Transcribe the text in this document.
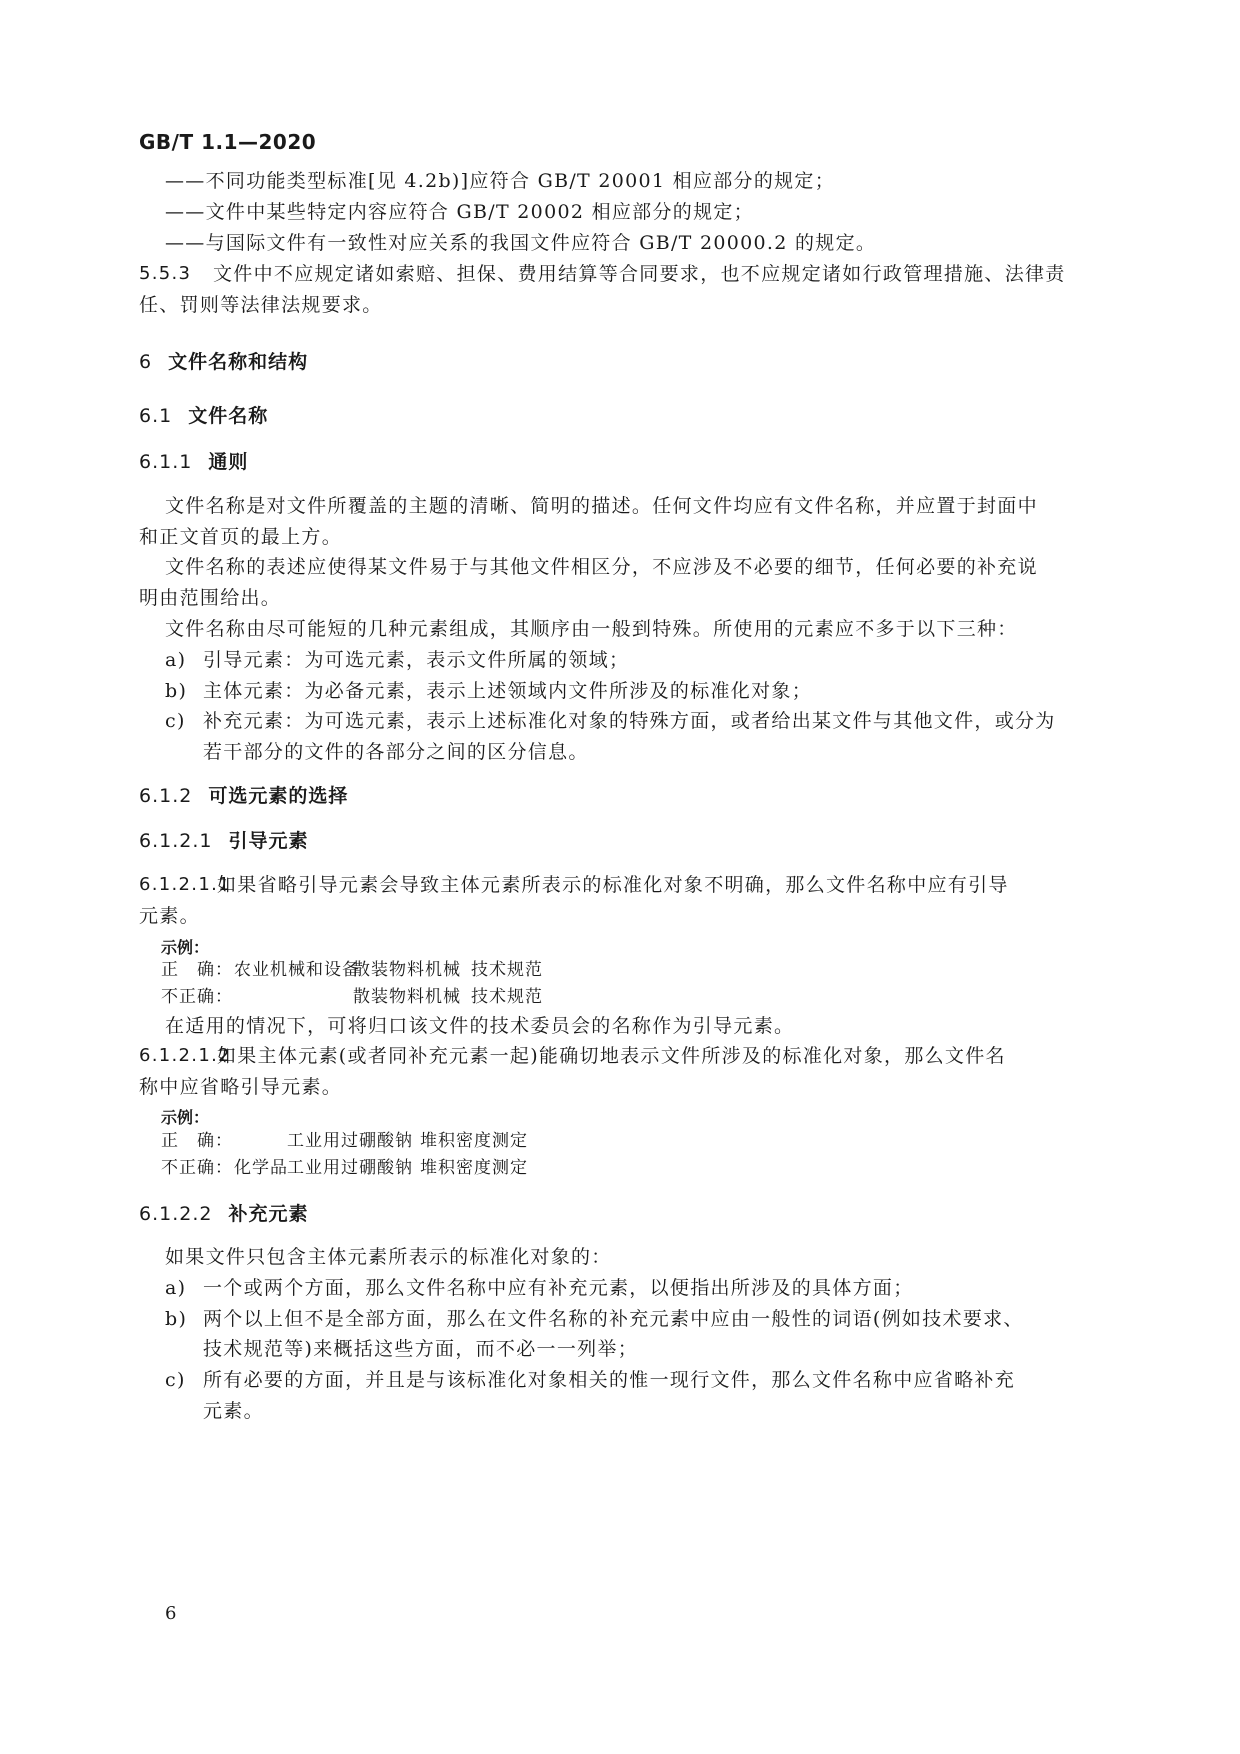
GB/T 1.1—2020
——不同功能类型标准[见 4.2b)]应符合 GB/T 20001 相应部分的规定；
——文件中某些特定内容应符合 GB/T 20002 相应部分的规定；
——与国际文件有一致性对应关系的我国文件应符合 GB/T 20000.2 的规定。
5.5.3 文件中不应规定诸如索赔、担保、费用结算等合同要求，也不应规定诸如行政管理措施、法律责
任、罚则等法律法规要求。
6 文件名称和结构
6.1 文件名称
6.1.1 通则
文件名称是对文件所覆盖的主题的清晰、简明的描述。任何文件均应有文件名称，并应置于封面中
和正文首页的最上方。
文件名称的表述应使得某文件易于与其他文件相区分，不应涉及不必要的细节，任何必要的补充说
明由范围给出。
文件名称由尽可能短的几种元素组成，其顺序由一般到特殊。所使用的元素应不多于以下三种：
a) 引导元素：为可选元素，表示文件所属的领域；
b) 主体元素：为必备元素，表示上述领域内文件所涉及的标准化对象；
c) 补充元素：为可选元素，表示上述标准化对象的特殊方面，或者给出某文件与其他文件，或分为
若干部分的文件的各部分之间的区分信息。
6.1.2 可选元素的选择
6.1.2.1 引导元素
6.1.2.1.1
如果省略引导元素会导致主体元素所表示的标准化对象不明确，那么文件名称中应有引导
元素。
示例：
正　确： 农业机械和设备
散装物料机械 技术规范
不正确：	散装物料机械 技术规范
在适用的情况下，可将归口该文件的技术委员会的名称作为引导元素。
6.1.2.1.2
如果主体元素(或者同补充元素一起)能确切地表示文件所涉及的标准化对象，那么文件名
称中应省略引导元素。
示例：
正　确：	工业用过硼酸钠 堆积密度测定
不正确： 化学品 工业用过硼酸钠 堆积密度测定
6.1.2.2 补充元素
如果文件只包含主体元素所表示的标准化对象的：
a) 一个或两个方面，那么文件名称中应有补充元素，以便指出所涉及的具体方面；
b) 两个以上但不是全部方面，那么在文件名称的补充元素中应由一般性的词语(例如技术要求、
技术规范等)来概括这些方面，而不必一一列举；
c) 所有必要的方面，并且是与该标准化对象相关的惟一现行文件，那么文件名称中应省略补充
元素。
6
